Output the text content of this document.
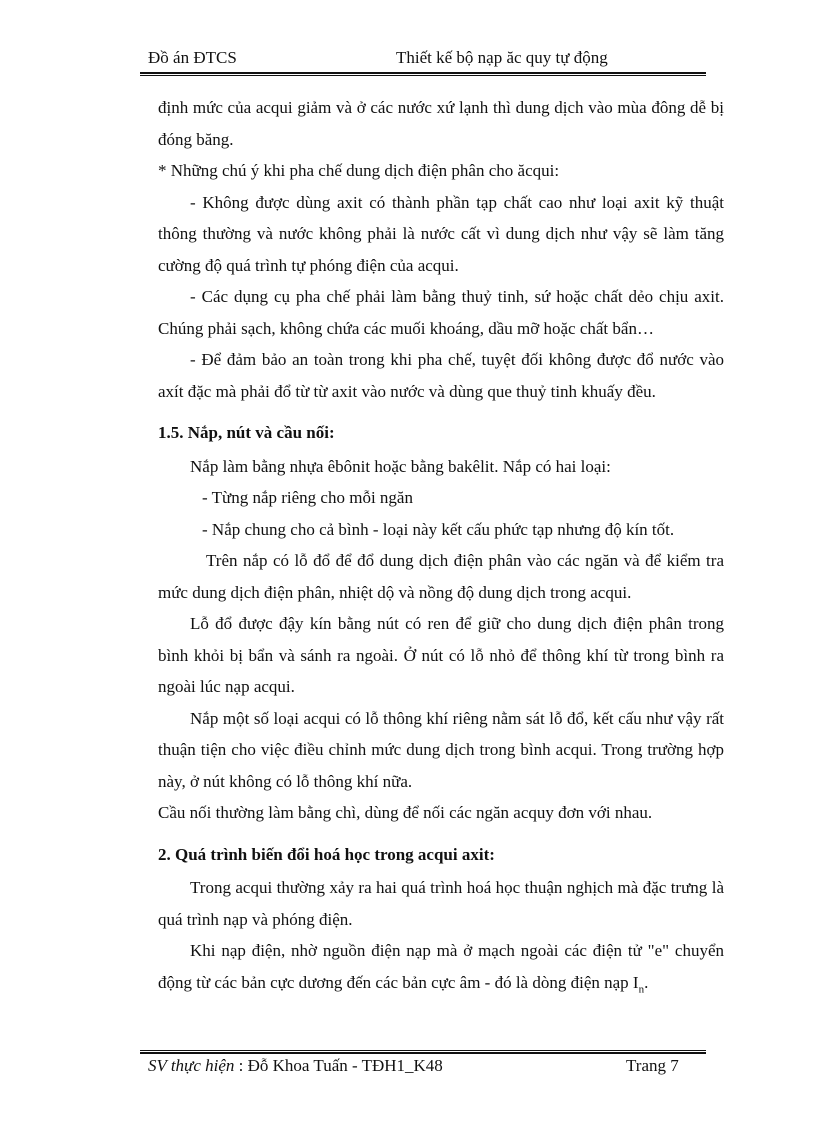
Đồ án ĐTCS	Thiết kế bộ nạp ăc quy tự động

định mức của acqui giảm và ở các nước xứ lạnh thì dung dịch vào mùa đông dễ bị đóng băng.

* Những chú ý khi pha chế dung dịch điện phân cho ăcqui:

- Không được dùng axit có thành phần tạp chất cao như loại axit kỹ thuật thông thường và nước không phải là nước cất vì dung dịch như vậy sẽ làm tăng cường độ quá trình tự phóng điện của acqui.

- Các dụng cụ pha chế phải làm bằng thuỷ tinh, sứ hoặc chất dẻo chịu axit. Chúng phải sạch, không chứa các muối khoáng, dầu mỡ hoặc chất bẩn…

- Để đảm bảo an toàn trong khi pha chế, tuyệt đối không được đổ nước vào axít đặc mà phải đổ từ từ axit vào nước và dùng que thuỷ tinh khuấy đều.

1.5. Nắp, nút và cầu nối:

Nắp làm bằng nhựa êbônit hoặc bằng bakêlit. Nắp có hai loại:

- Từng nắp riêng cho mỗi ngăn

- Nắp chung cho cả bình - loại này kết cấu phức tạp nhưng độ kín tốt.

Trên nắp có lỗ đổ để đổ dung dịch điện phân vào các ngăn và để kiểm tra mức dung dịch điện phân, nhiệt dộ và nồng độ dung dịch trong acqui.

Lỗ đổ được đậy kín bằng nút có ren để giữ cho dung dịch điện phân trong bình khỏi bị bẩn và sánh ra ngoài. Ở nút có lỗ nhỏ để thông khí từ trong bình ra ngoài lúc nạp acqui.

Nắp một số loại acqui có lỗ thông khí riêng nằm sát lỗ đổ, kết cấu như vậy rất thuận tiện cho việc điều chỉnh mức dung dịch trong bình acqui. Trong trường hợp này, ở nút không có lỗ thông khí nữa.

Cầu nối thường làm bằng chì, dùng để nối các ngăn acquy đơn với nhau.

2. Quá trình biến đổi hoá học trong acqui axit:

Trong acqui thường xảy ra hai quá trình hoá học thuận nghịch mà đặc trưng là quá trình nạp và phóng điện.

Khi nạp điện, nhờ nguồn điện nạp mà ở mạch ngoài các điện tử "e" chuyển động từ các bản cực dương đến các bản cực âm - đó là dòng điện nạp $I_n$.

SV thực hiện : Đỗ Khoa Tuấn - TĐH1_K48	Trang 7
